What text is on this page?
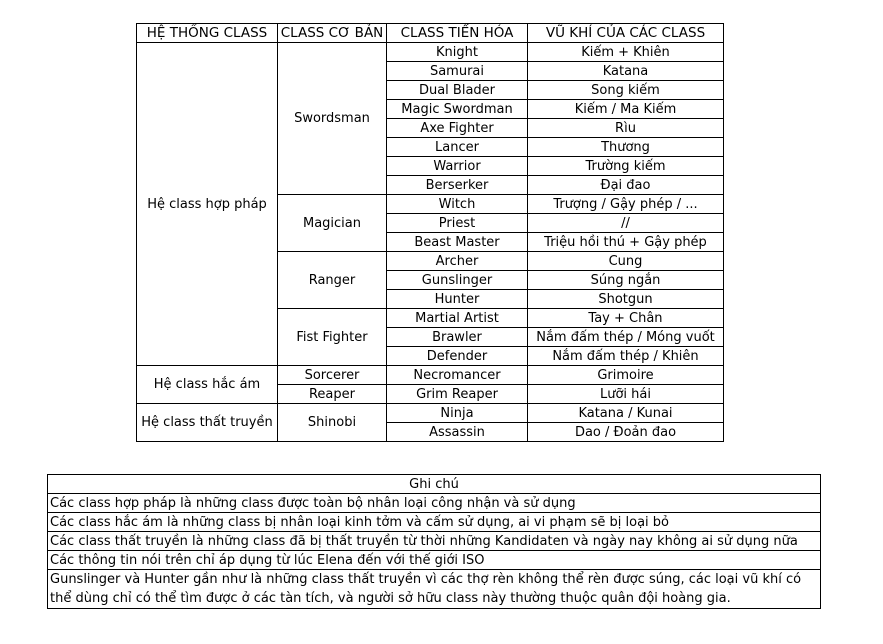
HỆ THỐNG CLASS	CLASS CƠ BẢN	CLASS TIẾN HÓA	VŨ KHÍ CỦA CÁC CLASS
Hệ class hợp pháp	Swordsman	Knight	Kiếm + Khiên
		Samurai	Katana
		Dual Blader	Song kiếm
		Magic Swordman	Kiếm / Ma Kiếm
		Axe Fighter	Rìu
		Lancer	Thương
		Warrior	Trường kiếm
		Berserker	Đại đao
	Magician	Witch	Trượng / Gậy phép / ...
		Priest	//
		Beast Master	Triệu hồi thú + Gậy phép
	Ranger	Archer	Cung
		Gunslinger	Súng ngắn
		Hunter	Shotgun
	Fist Fighter	Martial Artist	Tay + Chân
		Brawler	Nắm đấm thép / Móng vuốt
		Defender	Nắm đấm thép / Khiên
Hệ class hắc ám	Sorcerer	Necromancer	Grimoire
	Reaper	Grim Reaper	Lưỡi hái
Hệ class thất truyền	Shinobi	Ninja	Katana / Kunai
		Assassin	Dao / Đoản đao
Ghi chú
Các class hợp pháp là những class được toàn bộ nhân loại công nhận và sử dụng
Các class hắc ám là những class bị nhân loại kinh tởm và cấm sử dụng, ai vi phạm sẽ bị loại bỏ
Các class thất truyền là những class đã bị thất truyền từ thời những Kandidaten và ngày nay không ai sử dụng nữa
Các thông tin nói trên chỉ áp dụng từ lúc Elena đến với thế giới ISO
Gunslinger và Hunter gần như là những class thất truyền vì các thợ rèn không thể rèn được súng, các loại vũ khí có thể dùng chỉ có thể tìm được ở các tàn tích, và người sở hữu class này thường thuộc quân đội hoàng gia.
